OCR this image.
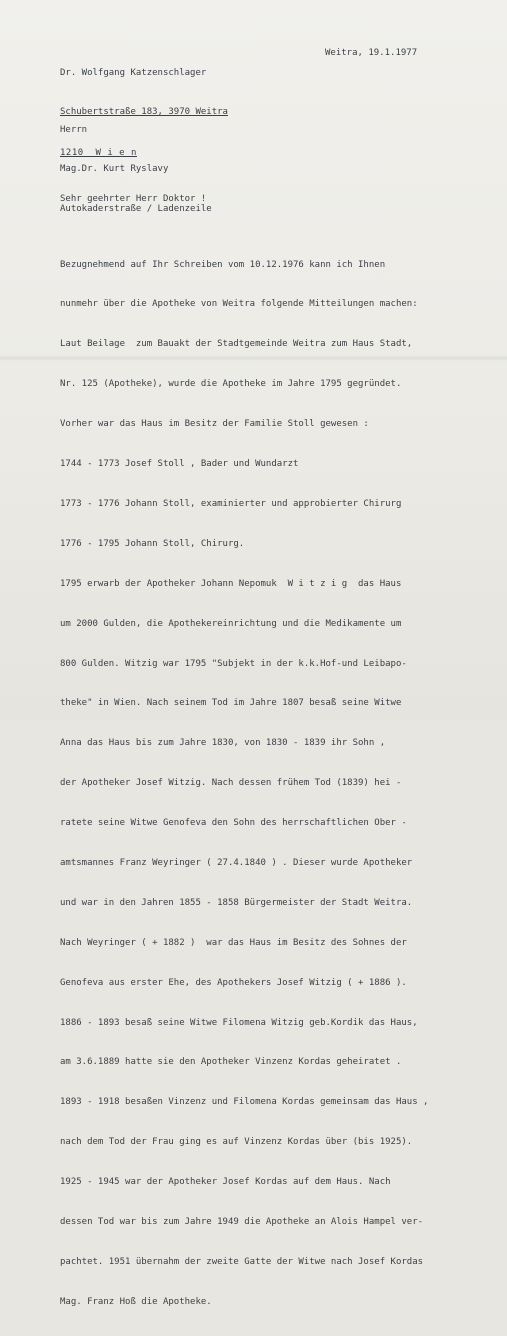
Dr. Wolfgang Katzenschlager

Schubertstraße 183, 3970 Weitra

Weitra, 19.1.1977

Herrn

Mag.Dr. Kurt Ryslavy

Autokaderstraße / Ladenzeile

1210  W i e n
Sehr geehrter Herr Doktor !

Bezugnehmend auf Ihr Schreiben vom 10.12.1976 kann ich Ihnen

nunmehr über die Apotheke von Weitra folgende Mitteilungen machen:

Laut Beilage  zum Bauakt der Stadtgemeinde Weitra zum Haus Stadt,

Nr. 125 (Apotheke), wurde die Apotheke im Jahre 1795 gegründet.

Vorher war das Haus im Besitz der Familie Stoll gewesen :

1744 - 1773 Josef Stoll , Bader und Wundarzt

1773 - 1776 Johann Stoll, examinierter und approbierter Chirurg

1776 - 1795 Johann Stoll, Chirurg.

1795 erwarb der Apotheker Johann Nepomuk  W i t z i g  das Haus

um 2000 Gulden, die Apothekereinrichtung und die Medikamente um

800 Gulden. Witzig war 1795 "Subjekt in der k.k.Hof-und Leibapo-

theke" in Wien. Nach seinem Tod im Jahre 1807 besaß seine Witwe

Anna das Haus bis zum Jahre 1830, von 1830 - 1839 ihr Sohn ,

der Apotheker Josef Witzig. Nach dessen frühem Tod (1839) hei -

ratete seine Witwe Genofeva den Sohn des herrschaftlichen Ober -

amtsmannes Franz Weyringer ( 27.4.1840 ) . Dieser wurde Apotheker

und war in den Jahren 1855 - 1858 Bürgermeister der Stadt Weitra.

Nach Weyringer ( + 1882 )  war das Haus im Besitz des Sohnes der

Genofeva aus erster Ehe, des Apothekers Josef Witzig ( + 1886 ).

1886 - 1893 besaß seine Witwe Filomena Witzig geb.Kordik das Haus,

am 3.6.1889 hatte sie den Apotheker Vinzenz Kordas geheiratet .

1893 - 1918 besaßen Vinzenz und Filomena Kordas gemeinsam das Haus ,

nach dem Tod der Frau ging es auf Vinzenz Kordas über (bis 1925).

1925 - 1945 war der Apotheker Josef Kordas auf dem Haus. Nach

dessen Tod war bis zum Jahre 1949 die Apotheke an Alois Hampel ver-

pachtet. 1951 übernahm der zweite Gatte der Witwe nach Josef Kordas

Mag. Franz Hoß die Apotheke.
